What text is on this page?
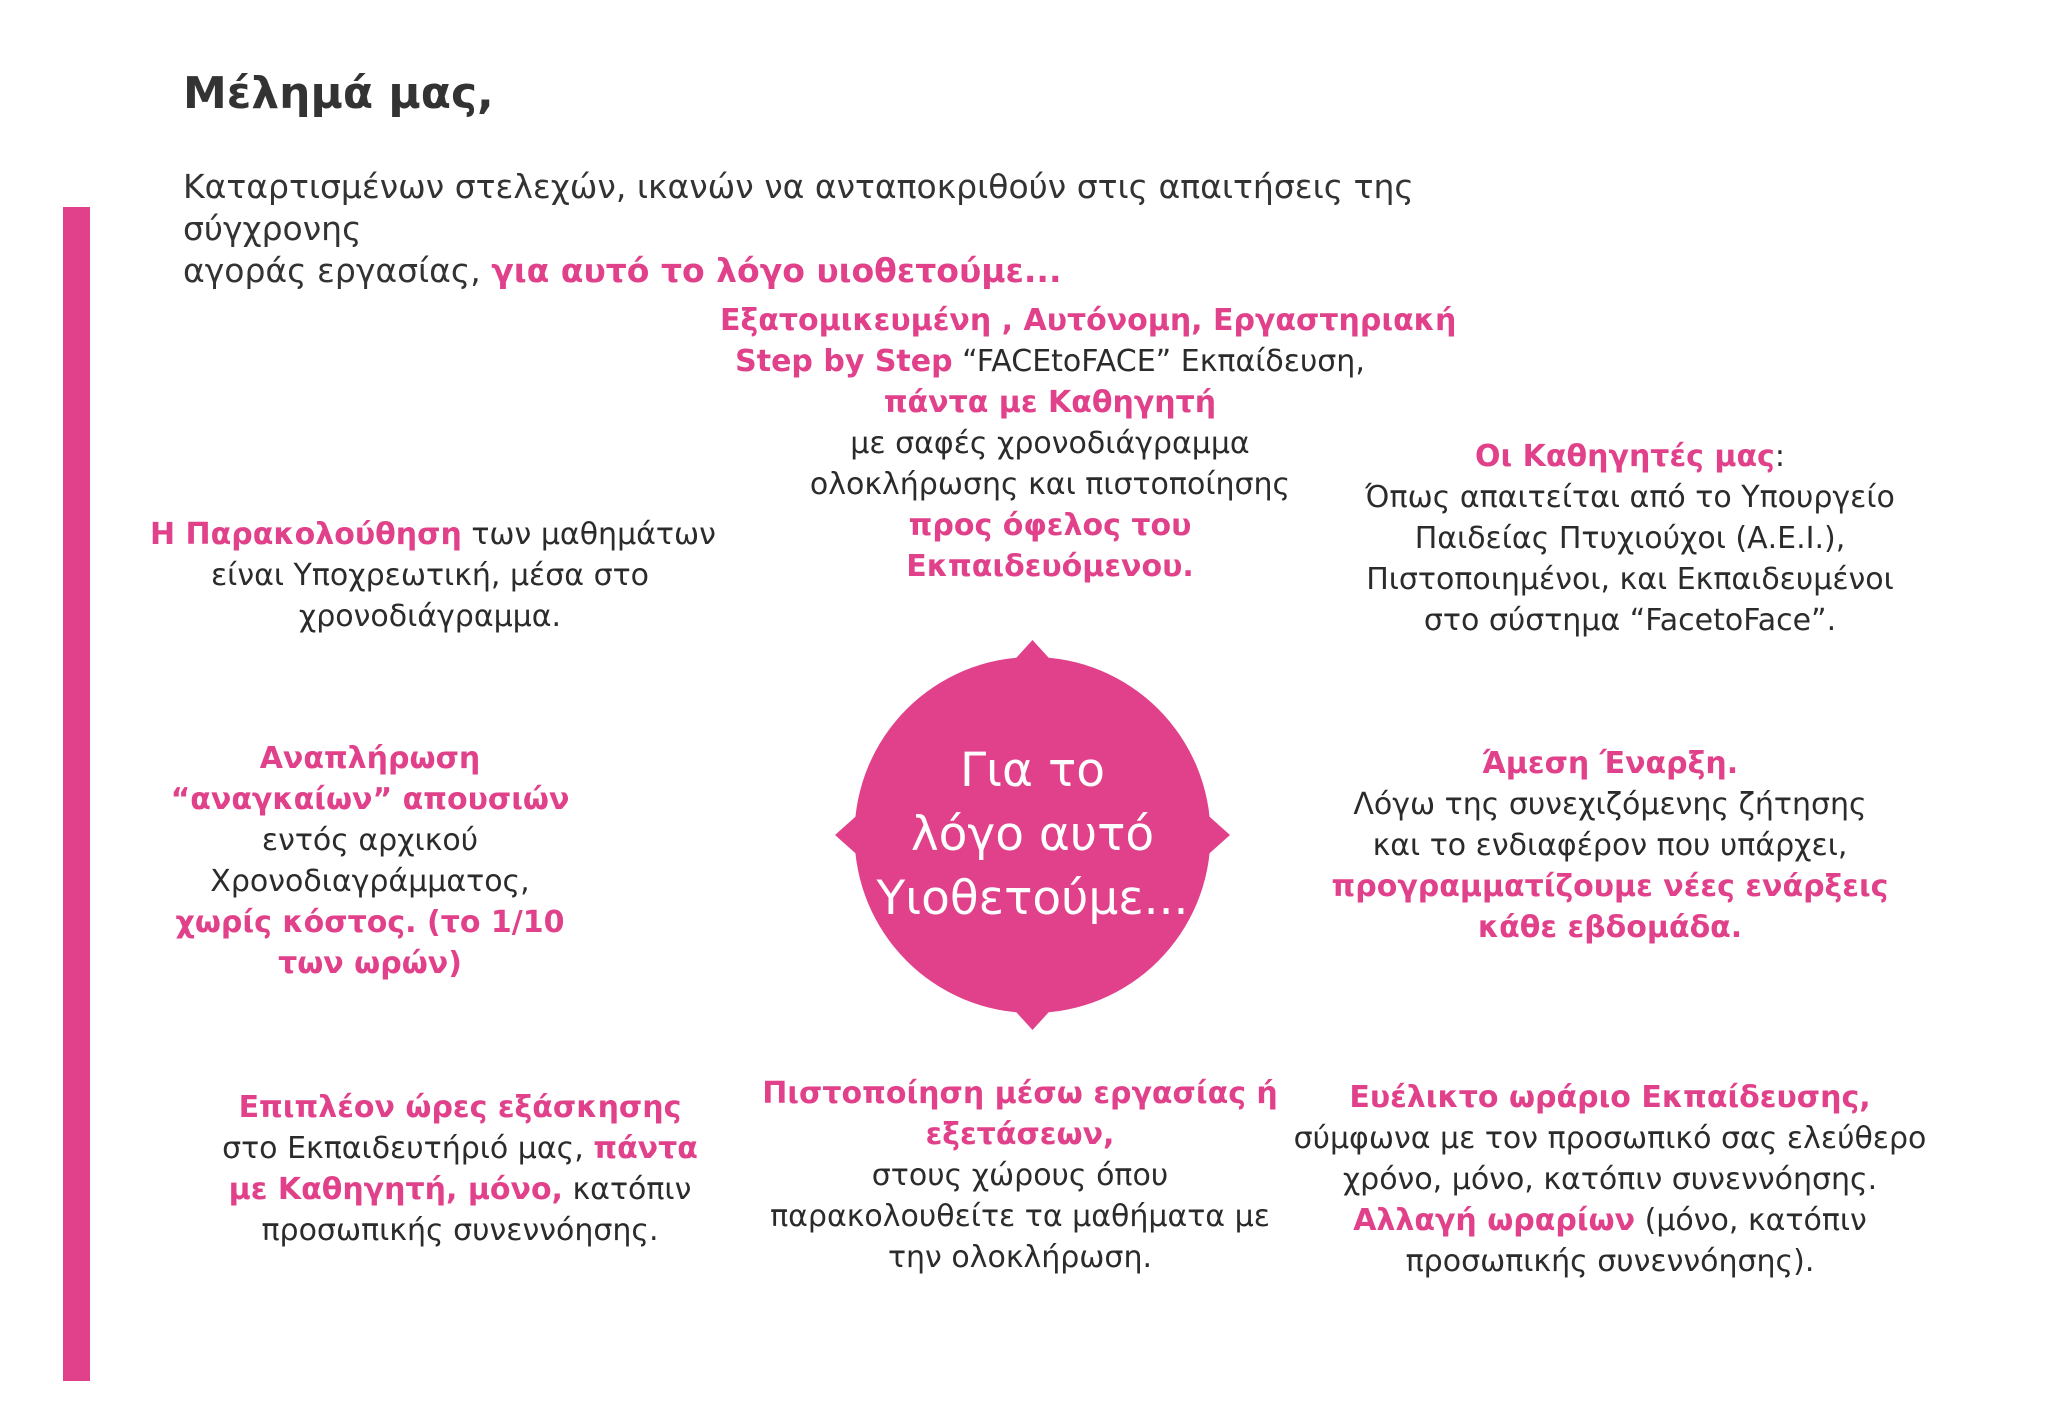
Μέλημά μας,
Καταρτισμένων στελεχών, ικανών να ανταποκριθούν στις απαιτήσεις της σύγχρονης
αγοράς εργασίας, για αυτό το λόγο υιοθετούμε...
Εξατομικευμένη , Αυτόνομη, Εργαστηριακή
Step by Step “FACEtoFACE” Εκπαίδευση,
πάντα με Καθηγητή
με σαφές χρονοδιάγραμμα
ολοκλήρωσης και πιστοποίησης
προς όφελος του
Εκπαιδευόμενου.
Η Παρακολούθηση των μαθημάτων
είναι Υποχρεωτική, μέσα στο
χρονοδιάγραμμα.
Οι Καθηγητές μας:
Όπως απαιτείται από το Υπουργείο
Παιδείας Πτυχιούχοι (Α.Ε.Ι.),
Πιστοποιημένοι, και Εκπαιδευμένοι
στο σύστημα “FacetoFace”.
Για το
λόγο αυτό
Υιοθετούμε...
Αναπλήρωση
“αναγκαίων” απουσιών
εντός αρχικού
Χρονοδιαγράμματος,
χωρίς κόστος. (το 1/10
των ωρών)
Άμεση Έναρξη.
Λόγω της συνεχιζόμενης ζήτησης
και το ενδιαφέρον που υπάρχει,
προγραμματίζουμε νέες ενάρξεις
κάθε εβδομάδα.
Επιπλέον ώρες εξάσκησης
στο Εκπαιδευτήριό μας, πάντα
με Καθηγητή, μόνο, κατόπιν
προσωπικής συνεννόησης.
Πιστοποίηση μέσω εργασίας ή
εξετάσεων,
στους χώρους όπου
παρακολουθείτε τα μαθήματα με
την ολοκλήρωση.
Ευέλικτο ωράριο Εκπαίδευσης,
σύμφωνα με τον προσωπικό σας ελεύθερο
χρόνο, μόνο, κατόπιν συνεννόησης.
Αλλαγή ωραρίων (μόνο, κατόπιν
προσωπικής συνεννόησης).
